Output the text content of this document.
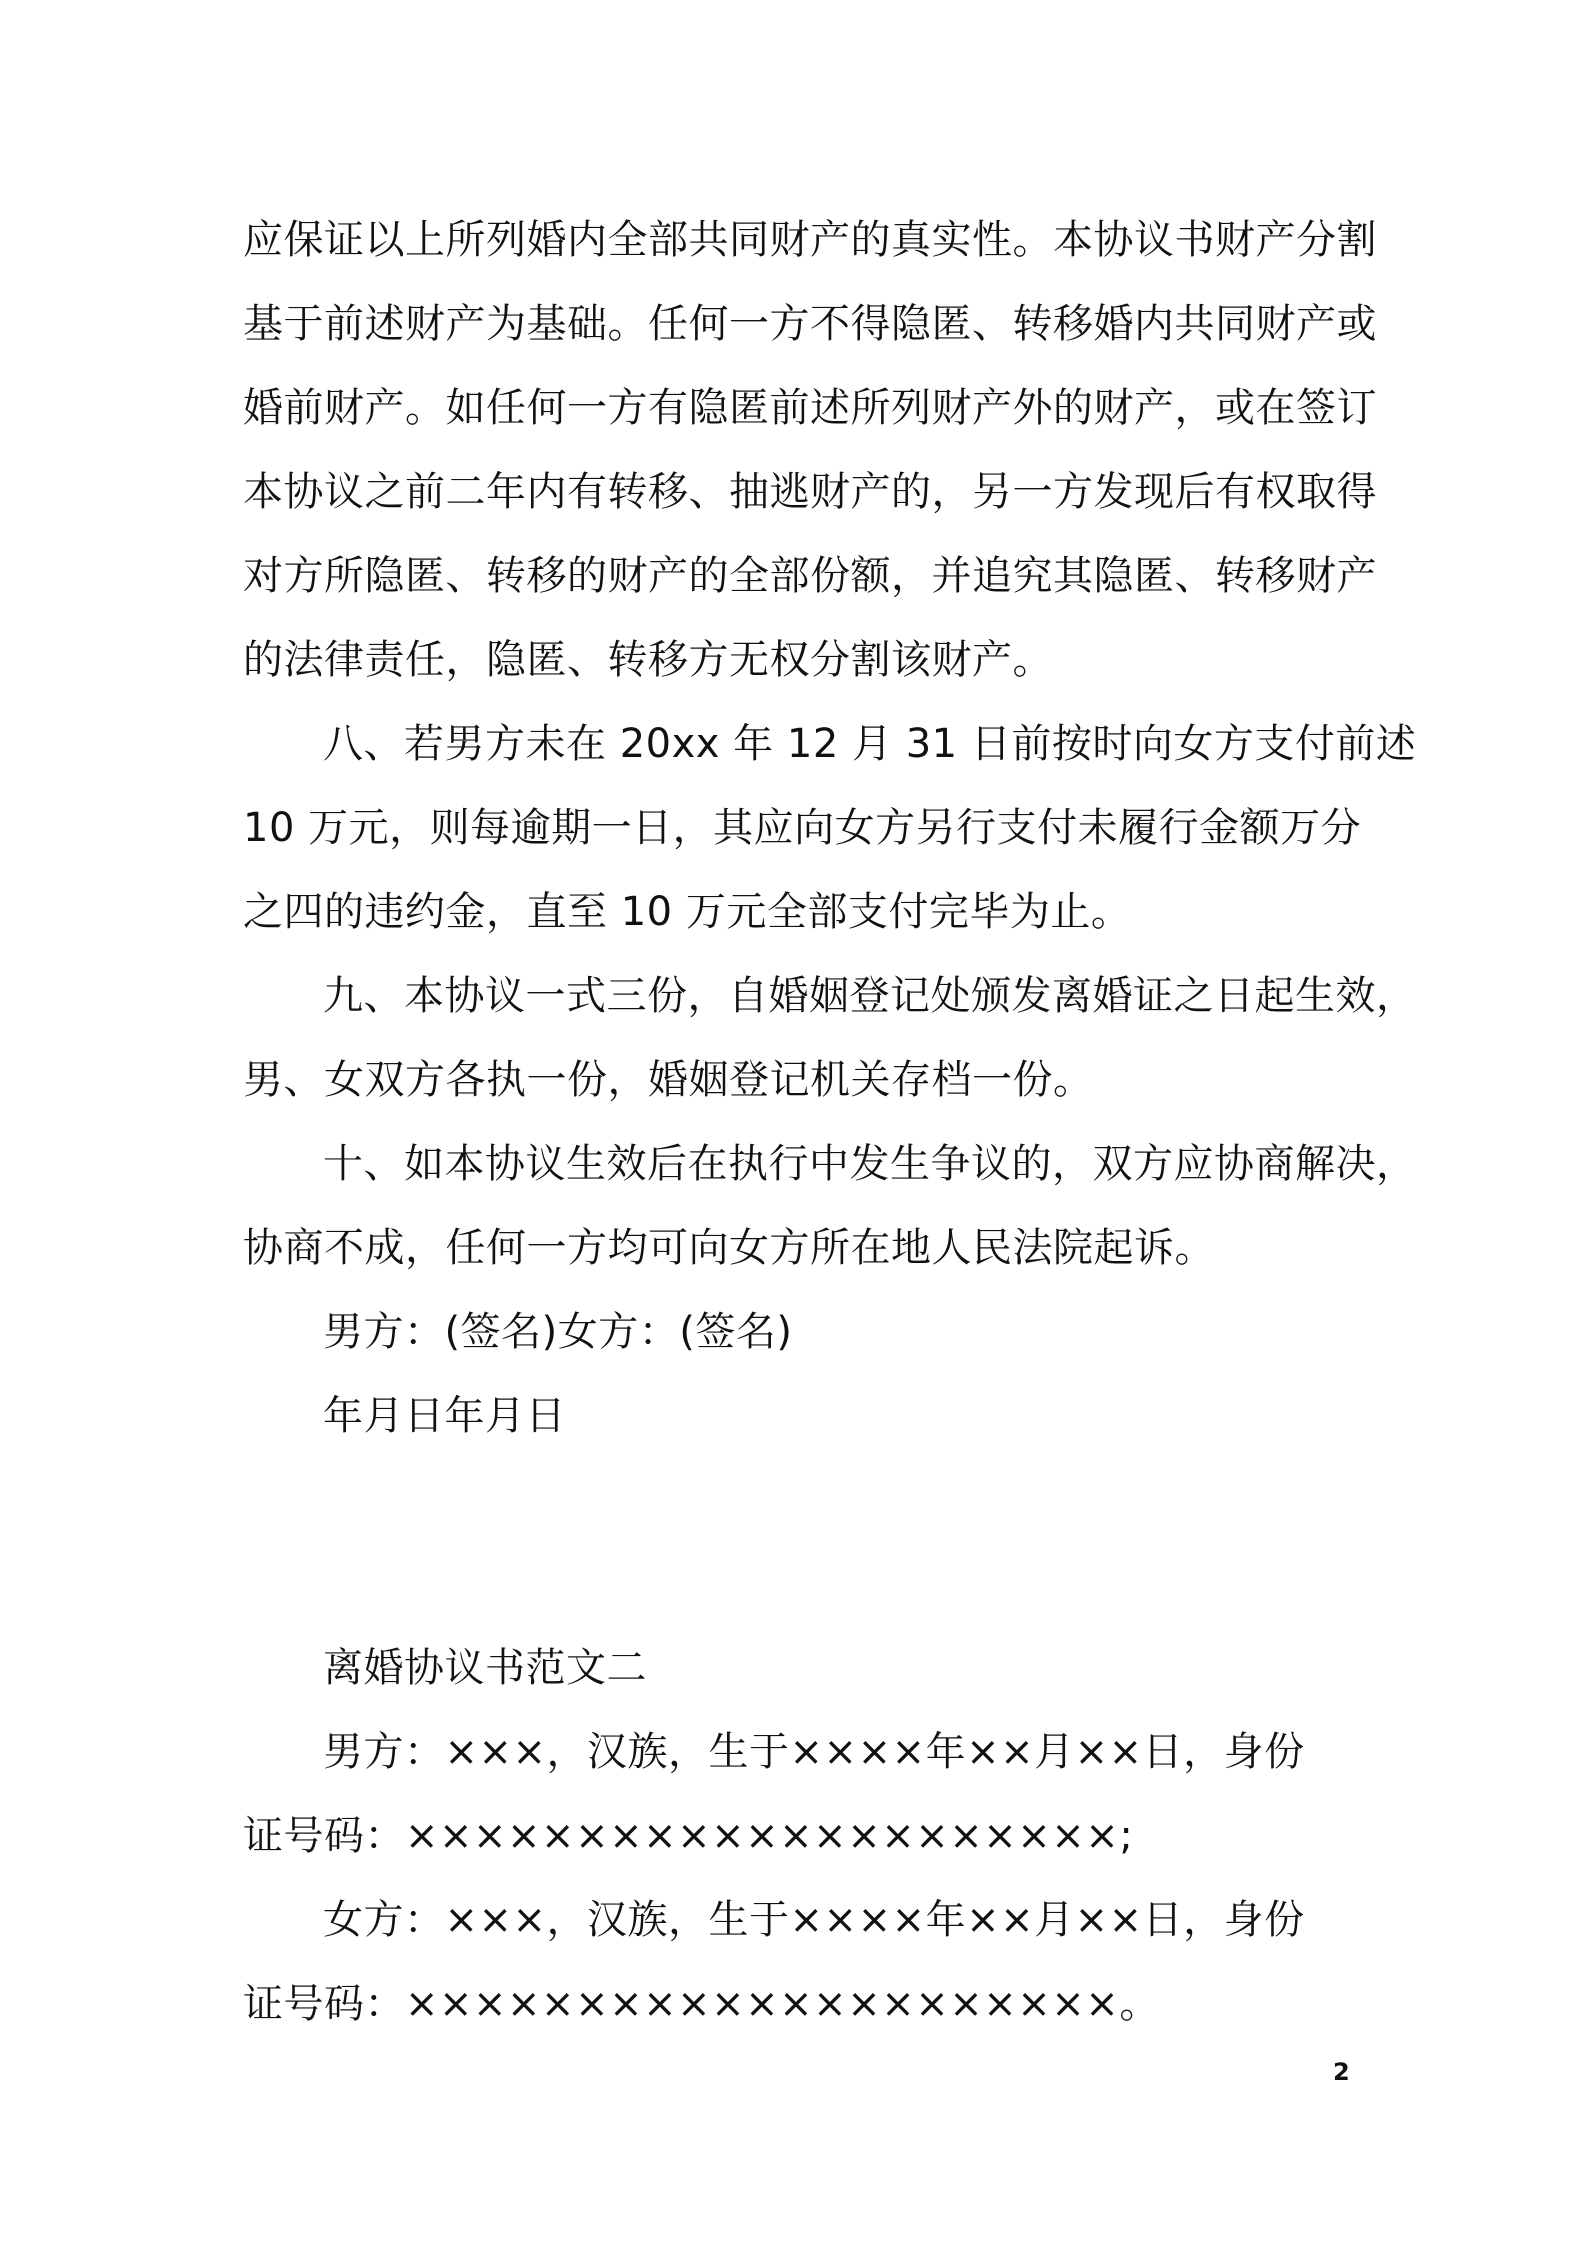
应保证以上所列婚内全部共同财产的真实性。本协议书财产分割
基于前述财产为基础。任何一方不得隐匿、转移婚内共同财产或
婚前财产。如任何一方有隐匿前述所列财产外的财产，或在签订
本协议之前二年内有转移、抽逃财产的，另一方发现后有权取得
对方所隐匿、转移的财产的全部份额，并追究其隐匿、转移财产
的法律责任，隐匿、转移方无权分割该财产。
八、若男方未在 20xx 年 12 月 31 日前按时向女方支付前述
10 万元，则每逾期一日，其应向女方另行支付未履行金额万分
之四的违约金，直至 10 万元全部支付完毕为止。
九、本协议一式三份，自婚姻登记处颁发离婚证之日起生效，
男、女双方各执一份，婚姻登记机关存档一份。
十、如本协议生效后在执行中发生争议的，双方应协商解决，
协商不成，任何一方均可向女方所在地人民法院起诉。
男方：(签名)女方：(签名)
年月日年月日
离婚协议书范文二
男方：×××，汉族，生于××××年××月××日，身份
证号码：×××××××××××××××××××××;
女方：×××，汉族，生于××××年××月××日，身份
证号码：×××××××××××××××××××××。
2
